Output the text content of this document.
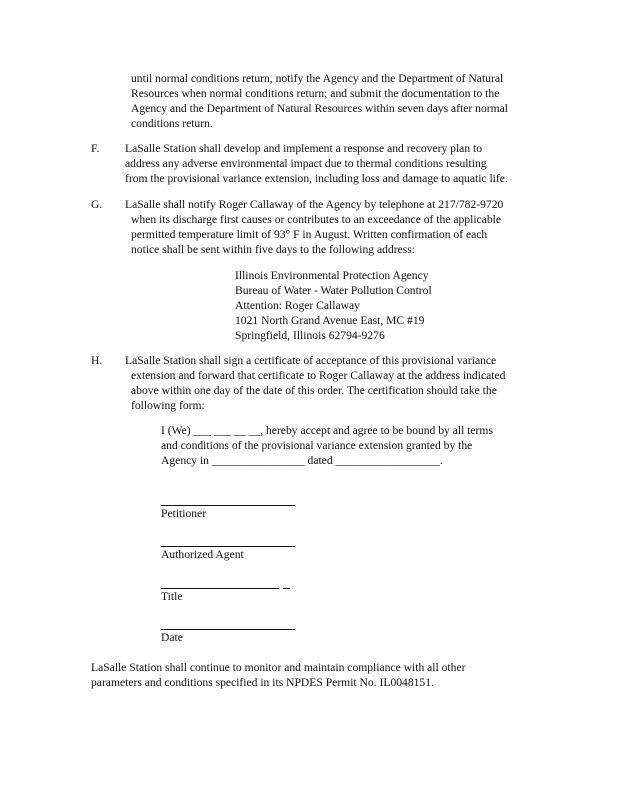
until normal conditions return, notify the Agency and the Department of Natural
Resources when normal conditions return; and submit the documentation to the
Agency and the Department of Natural Resources within seven days after normal
conditions return.
F. LaSalle Station shall develop and implement a response and recovery plan to
address any adverse environmental impact due to thermal conditions resulting
from the provisional variance extension, including loss and damage to aquatic life.
G. LaSalle shall notify Roger Callaway of the Agency by telephone at 217/782-9720
when its discharge first causes or contributes to an exceedance of the applicable
permitted temperature limit of 93° F in August. Written confirmation of each
notice shall be sent within five days to the following address:
Illinois Environmental Protection Agency
Bureau of Water - Water Pollution Control
Attention: Roger Callaway
1021 North Grand Avenue East, MC #19
Springfield, Illinois 62794-9276
H. LaSalle Station shall sign a certificate of acceptance of this provisional variance
extension and forward that certificate to Roger Callaway at the address indicated
above within one day of the date of this order. The certification should take the
following form:
I (We) ___ ___ __ __, hereby accept and agree to be bound by all terms
and conditions of the provisional variance extension granted by the
Agency in ________________ dated __________________.
Petitioner
Authorized Agent
Title
Date
LaSalle Station shall continue to monitor and maintain compliance with all other
parameters and conditions specified in its NPDES Permit No. IL0048151.
